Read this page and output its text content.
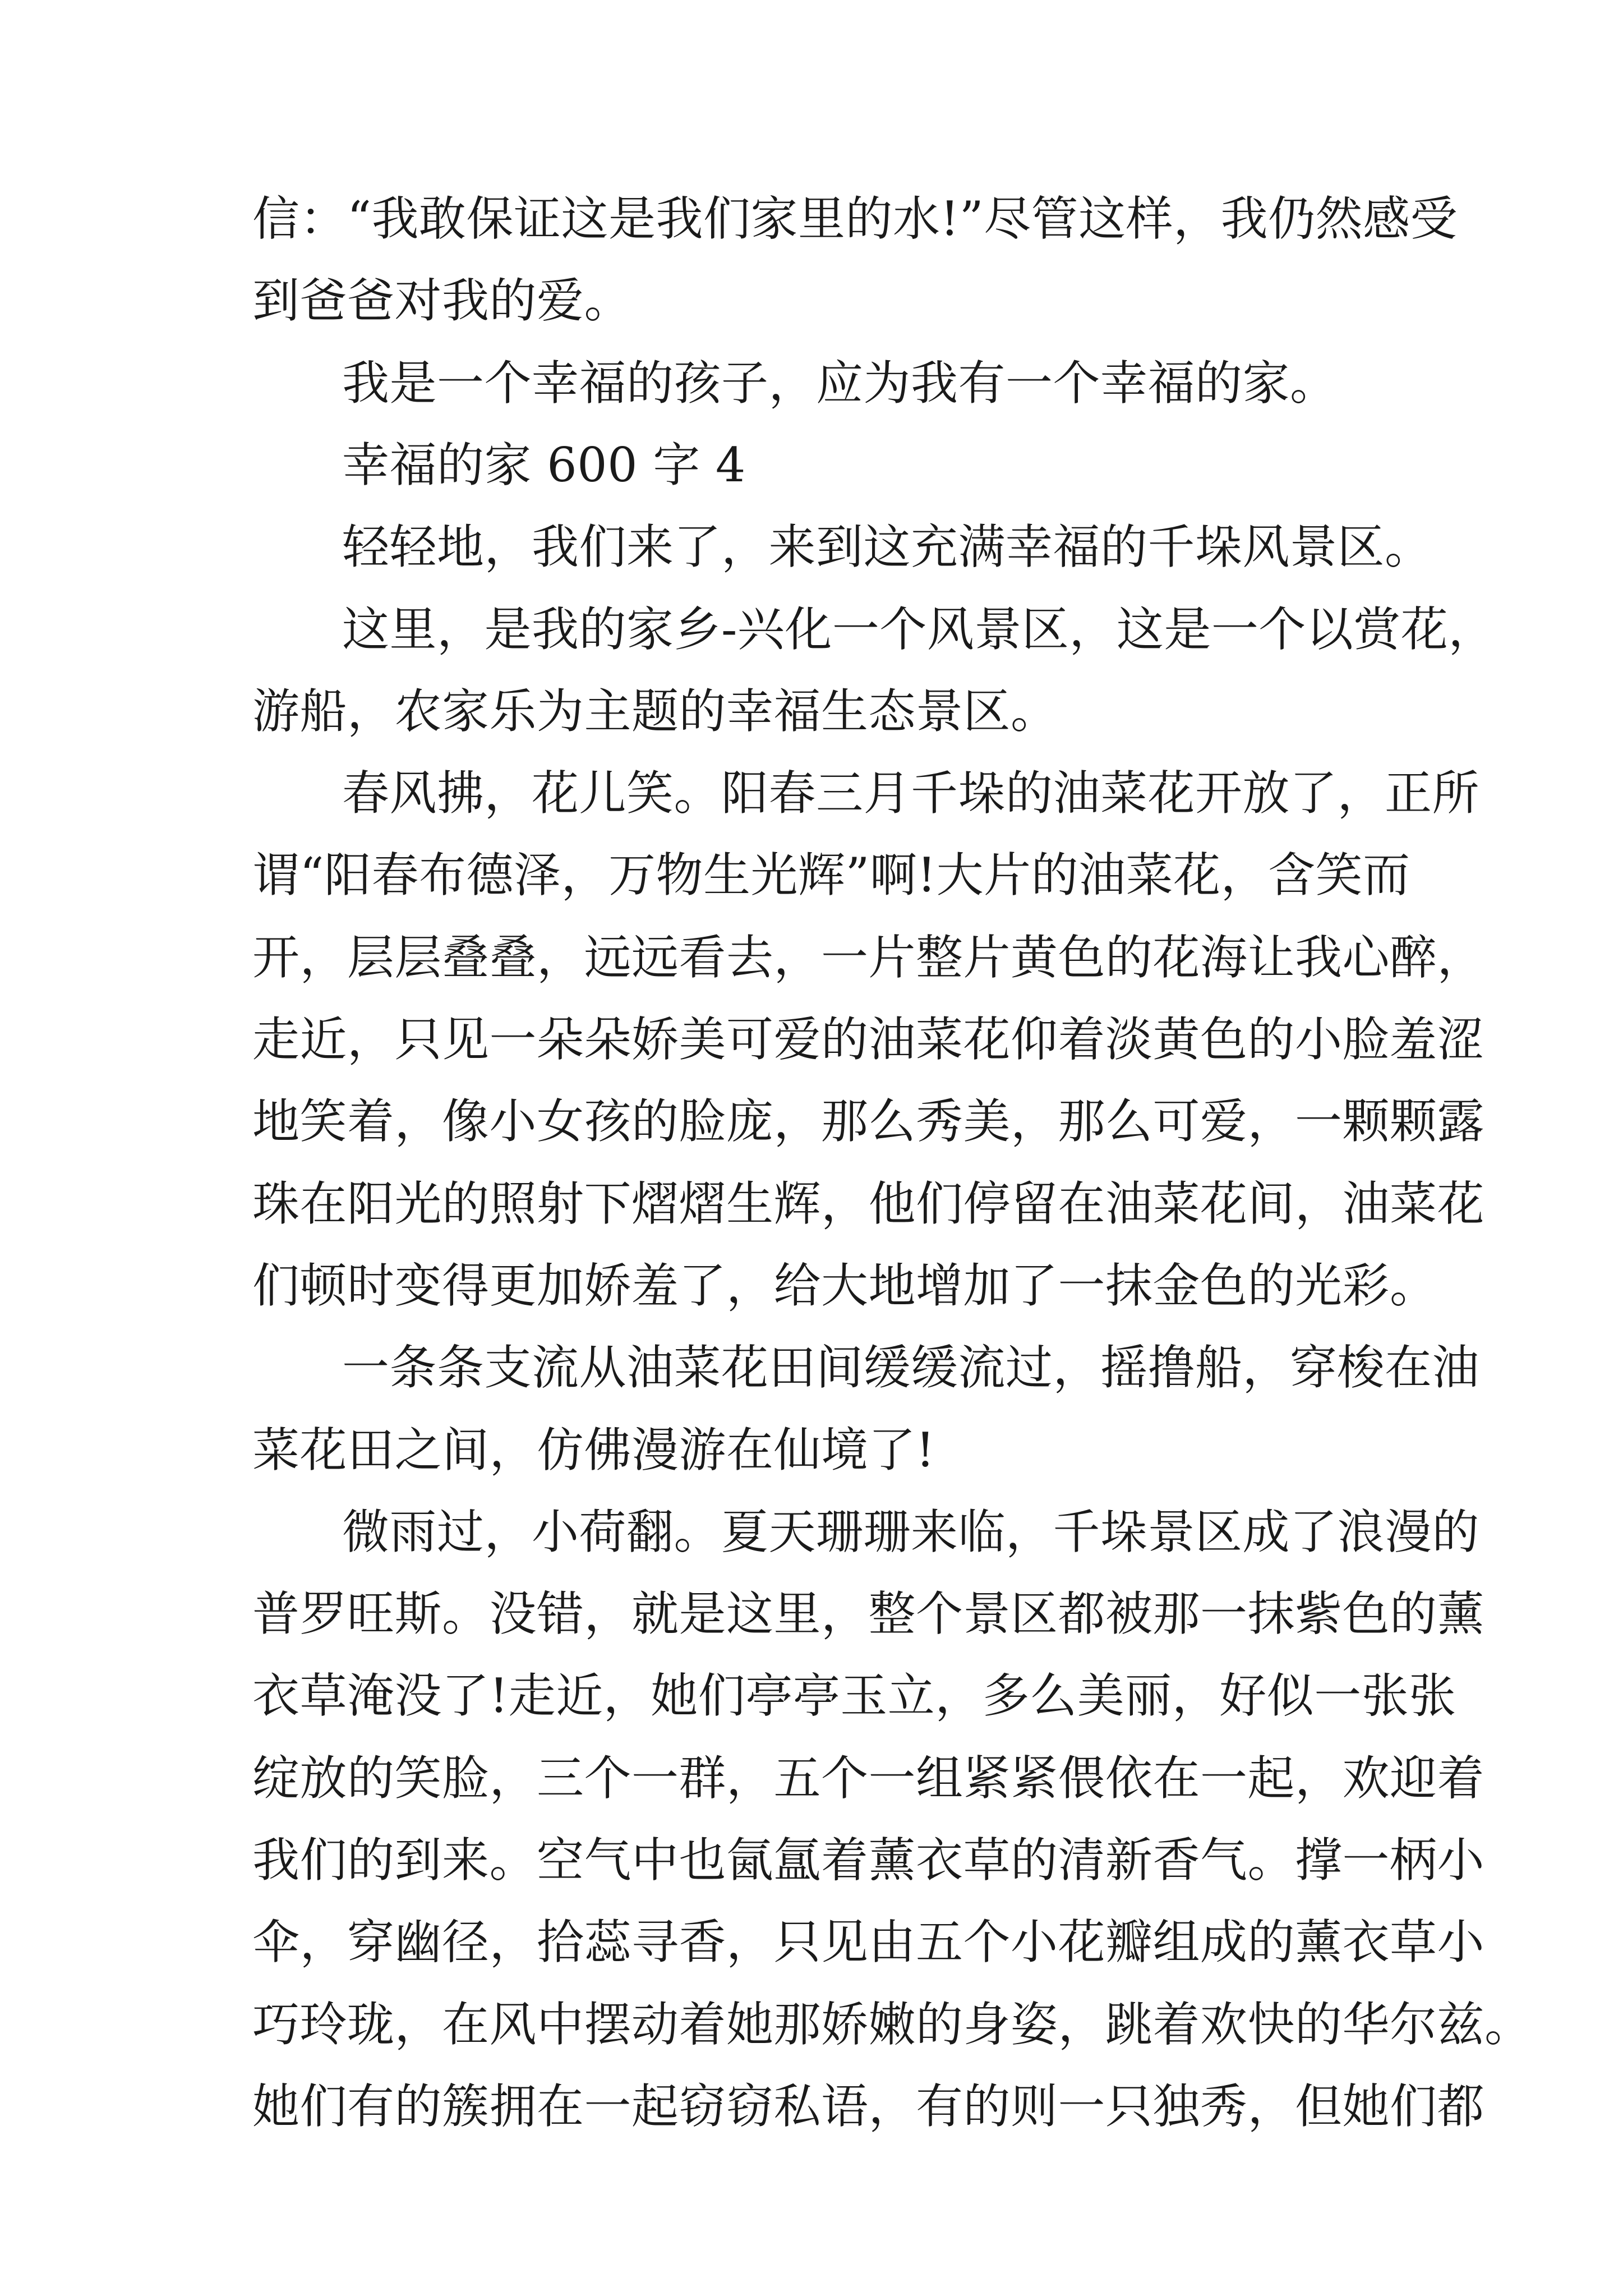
信：“我敢保证这是我们家里的水!”尽管这样，我仍然感受
到爸爸对我的爱。
我是一个幸福的孩子，应为我有一个幸福的家。
幸福的家 600 字 4
轻轻地，我们来了，来到这充满幸福的千垛风景区。
这里，是我的家乡-兴化一个风景区，这是一个以赏花，
游船，农家乐为主题的幸福生态景区。
春风拂，花儿笑。阳春三月千垛的油菜花开放了，正所
谓“阳春布德泽，万物生光辉”啊!大片的油菜花，含笑而
开，层层叠叠，远远看去，一片整片黄色的花海让我心醉，
走近，只见一朵朵娇美可爱的油菜花仰着淡黄色的小脸羞涩
地笑着，像小女孩的脸庞，那么秀美，那么可爱，一颗颗露
珠在阳光的照射下熠熠生辉，他们停留在油菜花间，油菜花
们顿时变得更加娇羞了，给大地增加了一抹金色的光彩。
一条条支流从油菜花田间缓缓流过，摇撸船，穿梭在油
菜花田之间，仿佛漫游在仙境了!
微雨过，小荷翻。夏天珊珊来临，千垛景区成了浪漫的
普罗旺斯。没错，就是这里，整个景区都被那一抹紫色的薰
衣草淹没了!走近，她们亭亭玉立，多么美丽，好似一张张
绽放的笑脸，三个一群，五个一组紧紧偎依在一起，欢迎着
我们的到来。空气中也氤氲着薰衣草的清新香气。撑一柄小
伞，穿幽径，拾蕊寻香，只见由五个小花瓣组成的薰衣草小
巧玲珑，在风中摆动着她那娇嫩的身姿，跳着欢快的华尔兹。
她们有的簇拥在一起窃窃私语，有的则一只独秀，但她们都
